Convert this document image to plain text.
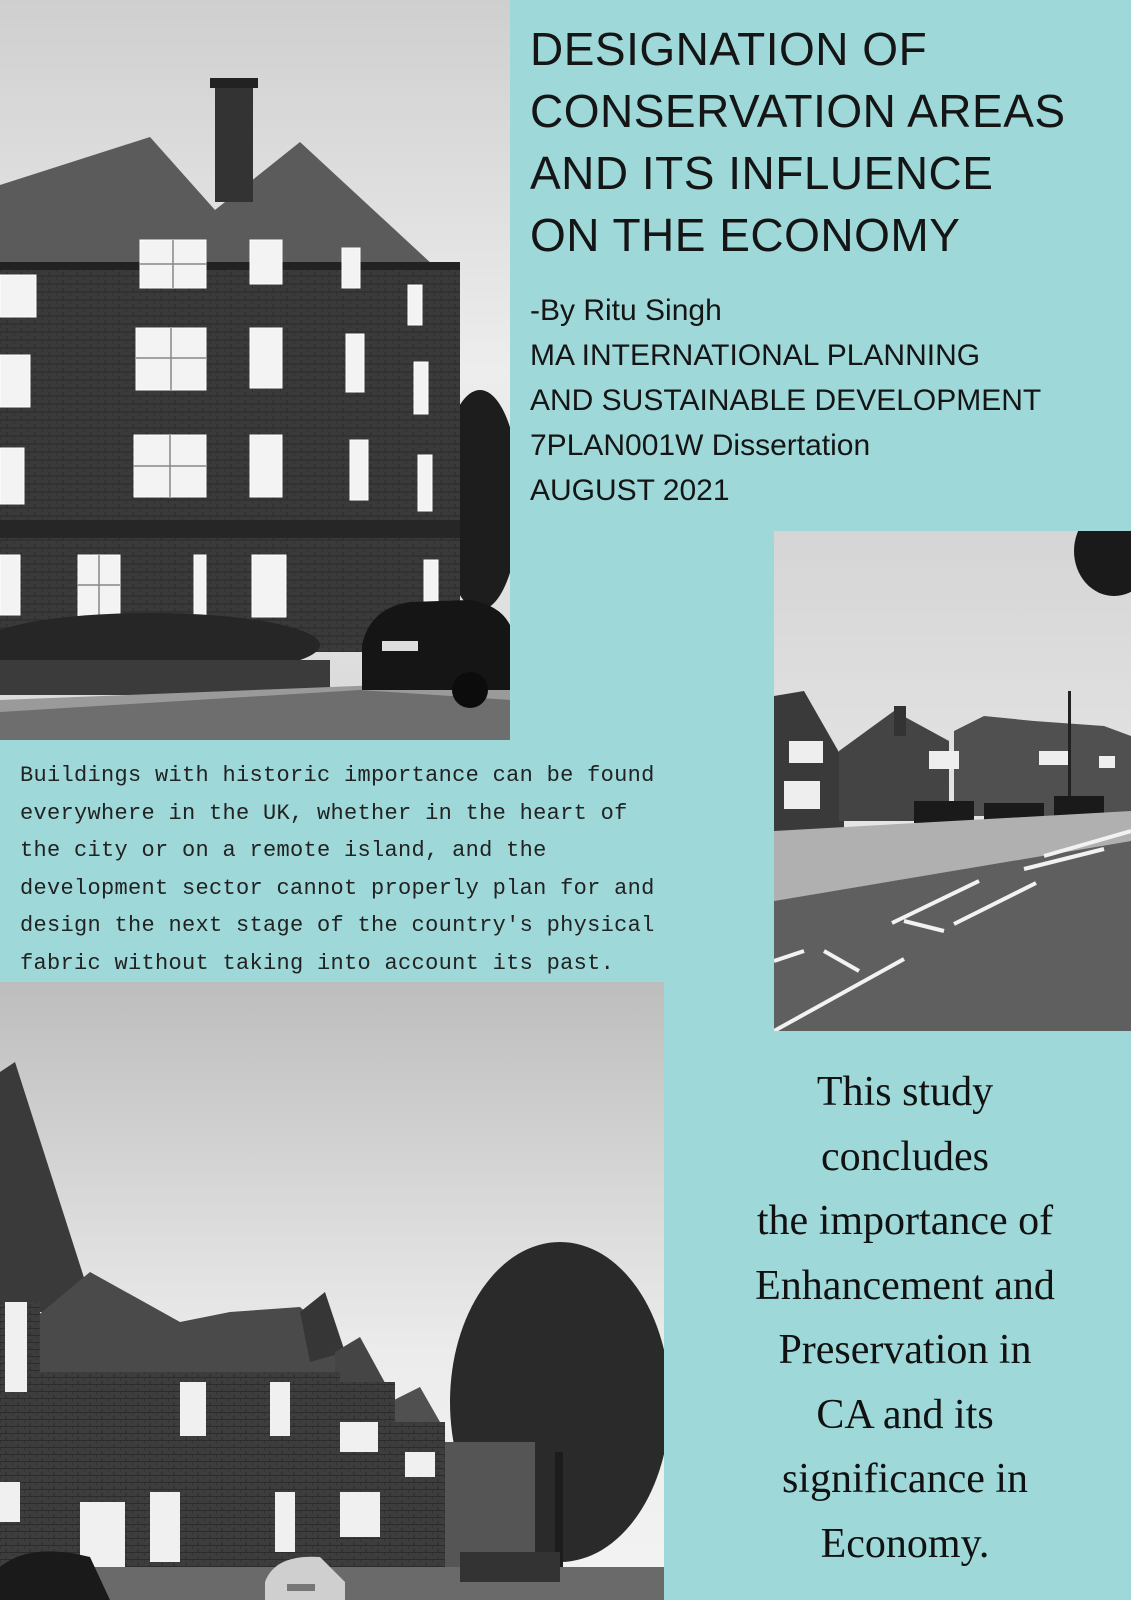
DESIGNATION OF
CONSERVATION AREAS
AND ITS INFLUENCE
ON THE ECONOMY
-By Ritu Singh
MA INTERNATIONAL PLANNING
AND SUSTAINABLE DEVELOPMENT
7PLAN001W Dissertation
AUGUST 2021
Buildings with historic importance can be found
everywhere in the UK, whether in the heart of
the city or on a remote island, and the
development sector cannot properly plan for and
design the next stage of the country's physical
fabric without taking into account its past.
This study
concludes
the importance of
Enhancement and
Preservation in
CA and its
significance in
Economy.
